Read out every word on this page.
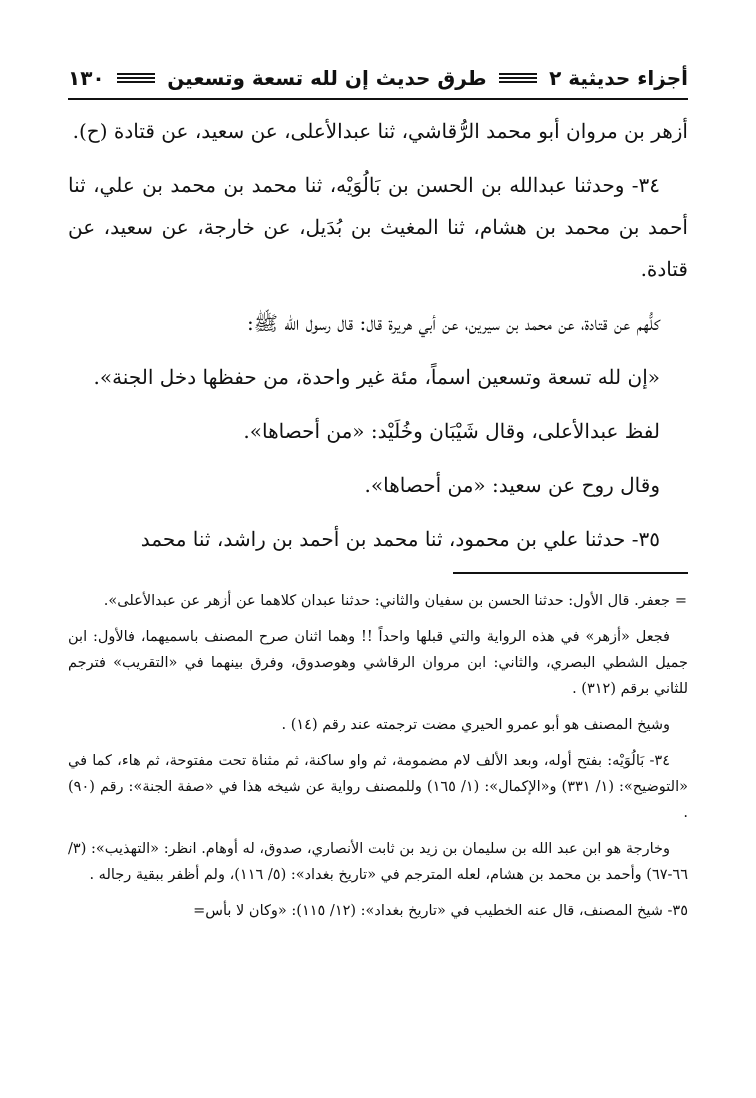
أجزاء حديثية ٢
طرق حديث إن لله تسعة وتسعين
١٣٠

أزهر بن مروان أبو محمد الرُّقاشي، ثنا عبدالأعلى، عن سعيد، عن قتادة (ح).

٣٤- وحدثنا عبدالله بن الحسن بن بَالُوَيْه، ثنا محمد بن محمد بن علي، ثنا أحمد بن محمد بن هشام، ثنا المغيث بن بُدَيل، عن خارجة، عن سعيد، عن قتادة.

كلُّهم عن قتادة، عن محمد بن سيرين، عن أبي هريرة قال: قال رسول الله ﷺ:

«إن لله تسعة وتسعين اسماً، مئة غير واحدة، من حفظها دخل الجنة».

لفظ عبدالأعلى، وقال شَيْبَان وخُلَيْد: «من أحصاها».

وقال روح عن سعيد: «من أحصاها».

٣٥- حدثنا علي بن محمود، ثنا محمد بن أحمد بن راشد، ثنا محمد

=جعفر. قال الأول: حدثنا الحسن بن سفيان والثاني: حدثنا عبدان كلاهما عن أزهر عن عبدالأعلى».

فجعل «أزهر» في هذه الرواية والتي قبلها واحداً !! وهما اثنان صرح المصنف باسميهما، فالأول: ابن جميل الشطي البصري، والثاني: ابن مروان الرقاشي وهوصدوق، وفرق بينهما في «التقريب» فترجم للثاني برقم (٣١٢) .

وشيخ المصنف هو أبو عمرو الحيري مضت ترجمته عند رقم (١٤) .

٣٤- بَالُوَيْه: بفتح أوله، وبعد الألف لام مضمومة، ثم واو ساكنة، ثم مثناة تحت مفتوحة، ثم هاء، كما في «التوضيح»: (١/ ٣٣١) و«الإكمال»: (١/ ١٦٥) وللمصنف رواية عن شيخه هذا في «صفة الجنة»: رقم (٩٠) .

وخارجة هو ابن عبد الله بن سليمان بن زيد بن ثابت الأنصاري، صدوق، له أوهام. انظر: «التهذيب»: (٣/ ٦٦-٦٧) وأحمد بن محمد بن هشام، لعله المترجم في «تاريخ بغداد»: (٥/ ١١٦)، ولم أظفر ببقية رجاله .

٣٥- شيخ المصنف، قال عنه الخطيب في «تاريخ بغداد»: (١٢/ ١١٥): «وكان لا بأس=
